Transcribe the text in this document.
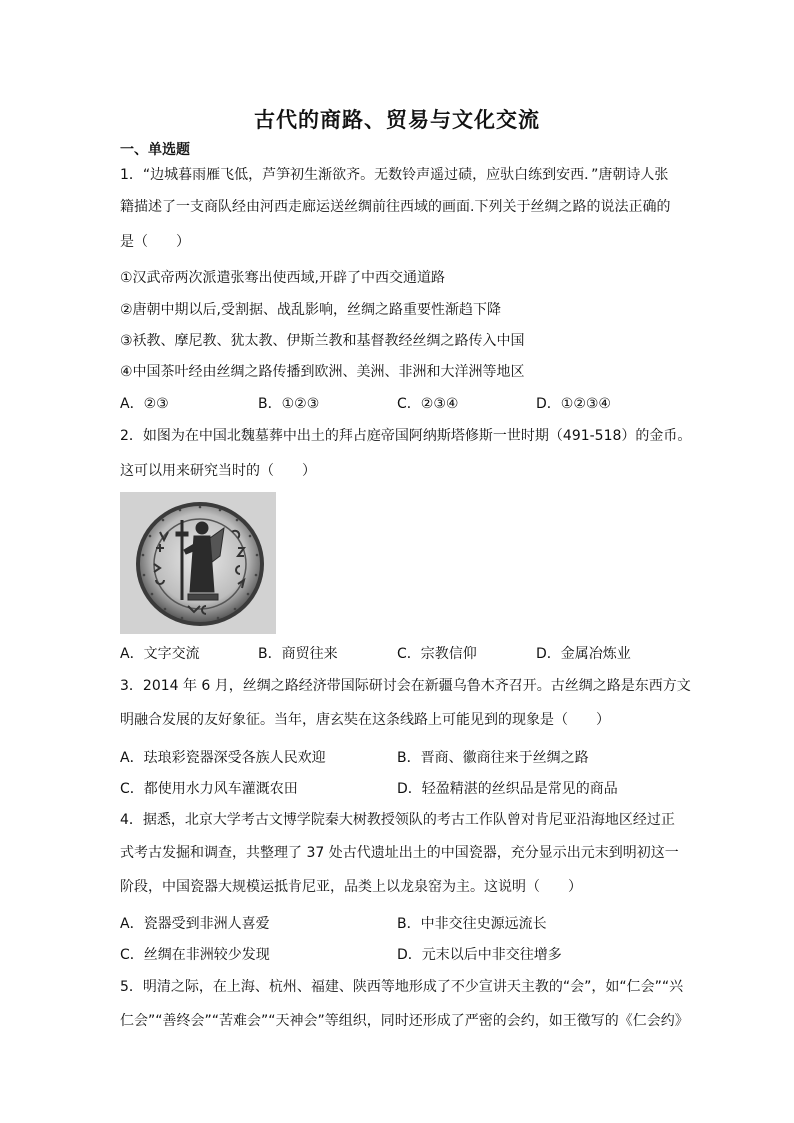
古代的商路、贸易与文化交流
一、单选题
1．“边城暮雨雁飞低，芦笋初生渐欲齐。无数铃声遥过碛，应驮白练到安西．”唐朝诗人张
籍描述了一支商队经由河西走廊运送丝绸前往西域的画面.下列关于丝绸之路的说法正确的
是（　　）
①汉武帝两次派遣张骞出使西域,开辟了中西交通道路
②唐朝中期以后,受割据、战乱影响，丝绸之路重要性渐趋下降
③袄教、摩尼教、犹太教、伊斯兰教和基督教经丝绸之路传入中国
④中国茶叶经由丝绸之路传播到欧洲、美洲、非洲和大洋洲等地区
A．②③	B．①②③	C．②③④	D．①②③④
2．如图为在中国北魏墓葬中出土的拜占庭帝国阿纳斯塔修斯一世时期（491-518）的金币。
这可以用来研究当时的（　　）
A．文字交流	B．商贸往来	C．宗教信仰	D．金属冶炼业
3．2014 年 6 月，丝绸之路经济带国际研讨会在新疆乌鲁木齐召开。古丝绸之路是东西方文
明融合发展的友好象征。当年，唐玄奘在这条线路上可能见到的现象是（　　）
A．珐琅彩瓷器深受各族人民欢迎	B．晋商、徽商往来于丝绸之路
C．都使用水力风车灌溉农田	D．轻盈精湛的丝织品是常见的商品
4．据悉，北京大学考古文博学院秦大树教授领队的考古工作队曾对肯尼亚沿海地区经过正
式考古发掘和调查，共整理了 37 处古代遗址出土的中国瓷器，充分显示出元末到明初这一
阶段，中国瓷器大规模运抵肯尼亚，品类上以龙泉窑为主。这说明（　　）
A．瓷器受到非洲人喜爱	B．中非交往史源远流长
C．丝绸在非洲较少发现	D．元末以后中非交往增多
5．明清之际，在上海、杭州、福建、陕西等地形成了不少宣讲天主教的“会”，如“仁会”“兴
仁会”“善终会”“苦难会”“天神会”等组织，同时还形成了严密的会约，如王徵写的《仁会约》
